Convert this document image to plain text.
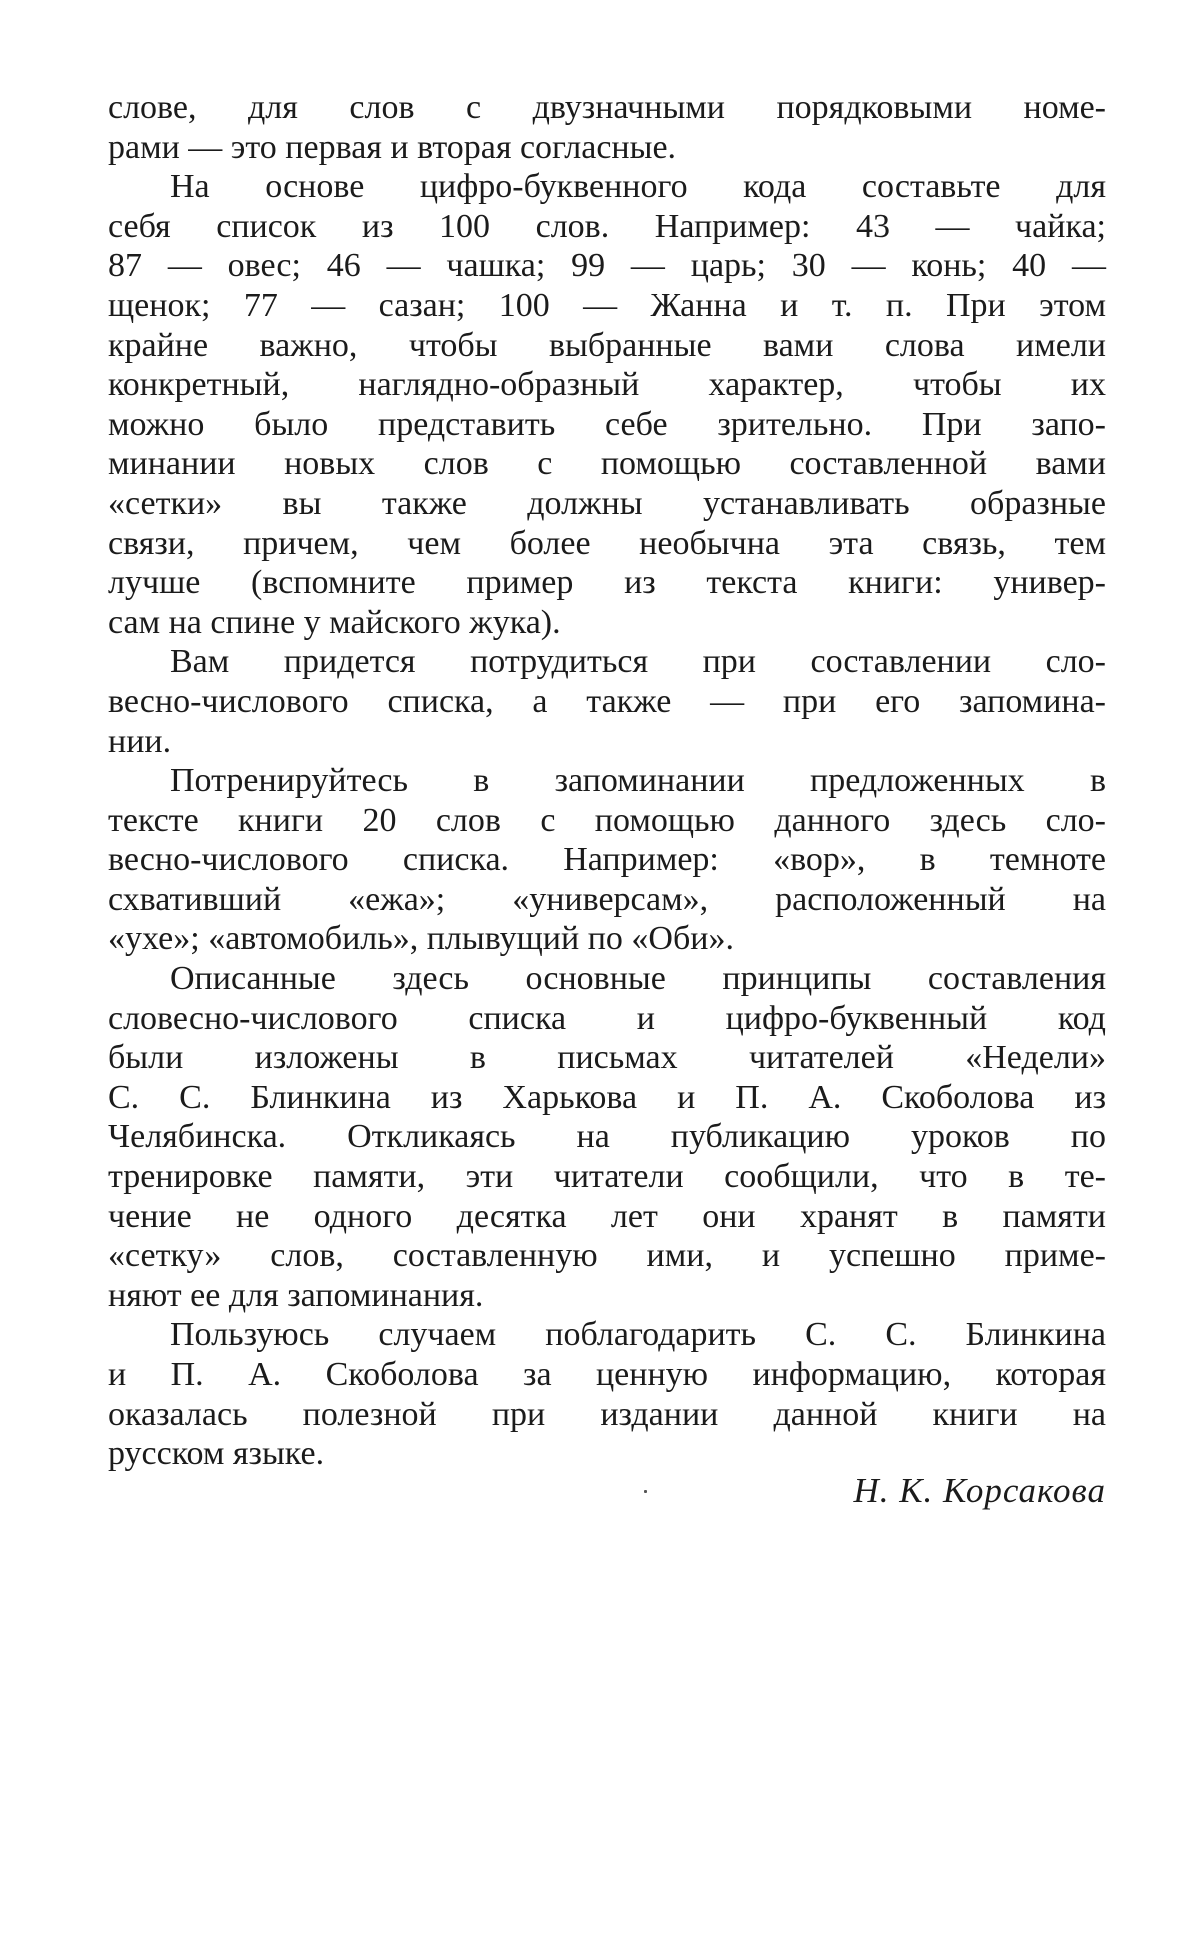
слове, для слов с двузначными порядковыми номе-
рами — это первая и вторая согласные.
На основе цифро-буквенного кода составьте для
себя список из 100 слов. Например: 43 — чайка;
87 — овес; 46 — чашка; 99 — царь; 30 — конь; 40 —
щенок; 77 — сазан; 100 — Жанна и т. п. При этом
крайне важно, чтобы выбранные вами слова имели
конкретный, наглядно-образный характер, чтобы их
можно было представить себе зрительно. При запо-
минании новых слов с помощью составленной вами
«сетки» вы также должны устанавливать образные
связи, причем, чем более необычна эта связь, тем
лучше (вспомните пример из текста книги: универ-
сам на спине у майского жука).
Вам придется потрудиться при составлении сло-
весно-числового списка, а также — при его запомина-
нии.
Потренируйтесь в запоминании предложенных в
тексте книги 20 слов с помощью данного здесь сло-
весно-числового списка. Например: «вор», в темноте
схвативший «ежа»; «универсам», расположенный на
«ухе»; «автомобиль», плывущий по «Оби».
Описанные здесь основные принципы составления
словесно-числового списка и цифро-буквенный код
были изложены в письмах читателей «Недели»
С. С. Блинкина из Харькова и П. А. Скоболова из
Челябинска. Откликаясь на публикацию уроков по
тренировке памяти, эти читатели сообщили, что в те-
чение не одного десятка лет они хранят в памяти
«сетку» слов, составленную ими, и успешно приме-
няют ее для запоминания.
Пользуюсь случаем поблагодарить С. С. Блинкина
и П. А. Скоболова за ценную информацию, которая
оказалась полезной при издании данной книги на
русском языке.
Н. К. Корсакова
